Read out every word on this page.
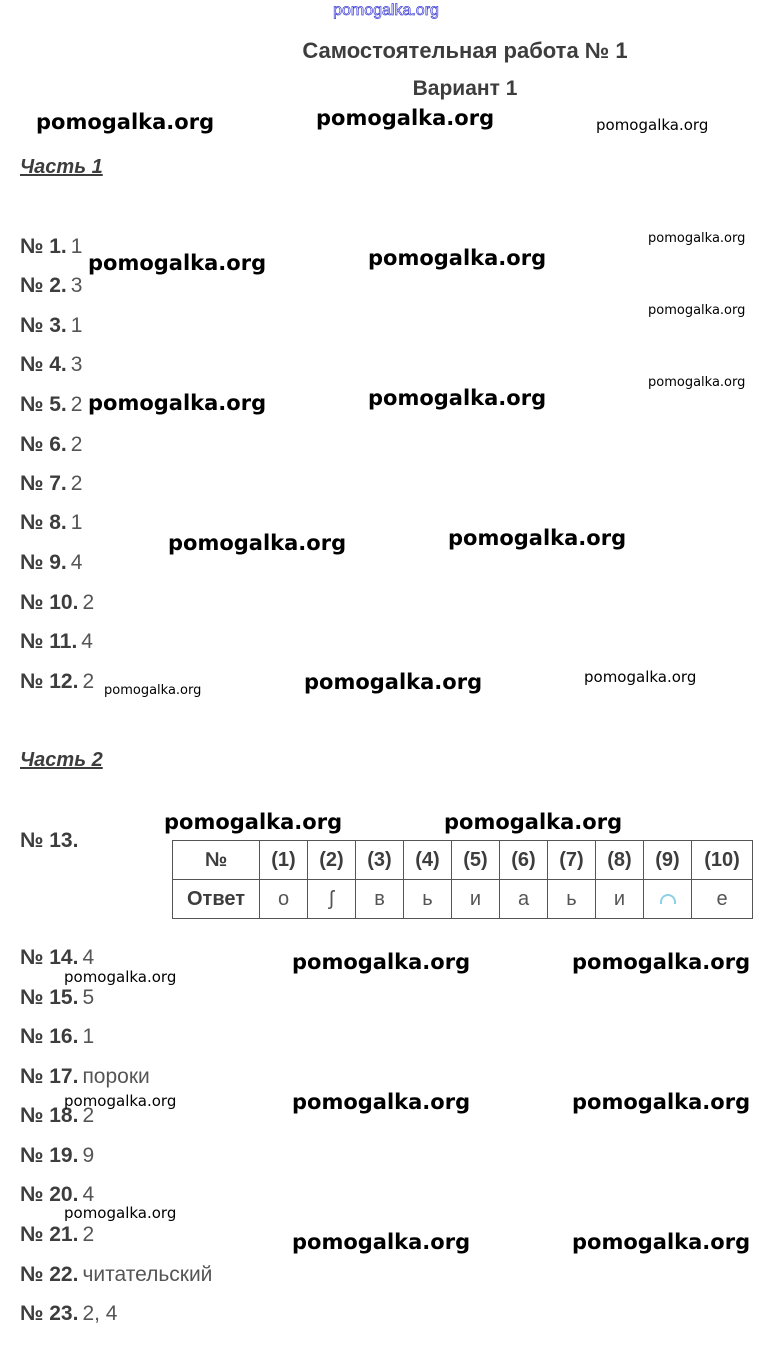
pomogalka.org
Самостоятельная работа № 1
Вариант 1
Часть 1
№ 1. 1
№ 2. 3
№ 3. 1
№ 4. 3
№ 5. 2
№ 6. 2
№ 7. 2
№ 8. 1
№ 9. 4
№ 10. 2
№ 11. 4
№ 12. 2
Часть 2
№ 13.
№	(1)	(2)	(3)	(4)	(5)	(6)	(7)	(8)	(9)	(10)
Ответ	о	ʃ	в	ь	и	а	ь	и		е
№ 14. 4
№ 15. 5
№ 16. 1
№ 17. пороки
№ 18. 2
№ 19. 9
№ 20. 4
№ 21. 2
№ 22. читательский
№ 23. 2, 4
pomogalka.org	pomogalka.org	pomogalka.org
pomogalka.org
pomogalka.org	pomogalka.org
pomogalka.org
pomogalka.org
pomogalka.org	pomogalka.org
pomogalka.org	pomogalka.org
pomogalka.org	pomogalka.org	pomogalka.org
pomogalka.org	pomogalka.org
pomogalka.org
pomogalka.org	pomogalka.org
pomogalka.org	pomogalka.org	pomogalka.org
pomogalka.org
pomogalka.org	pomogalka.org
